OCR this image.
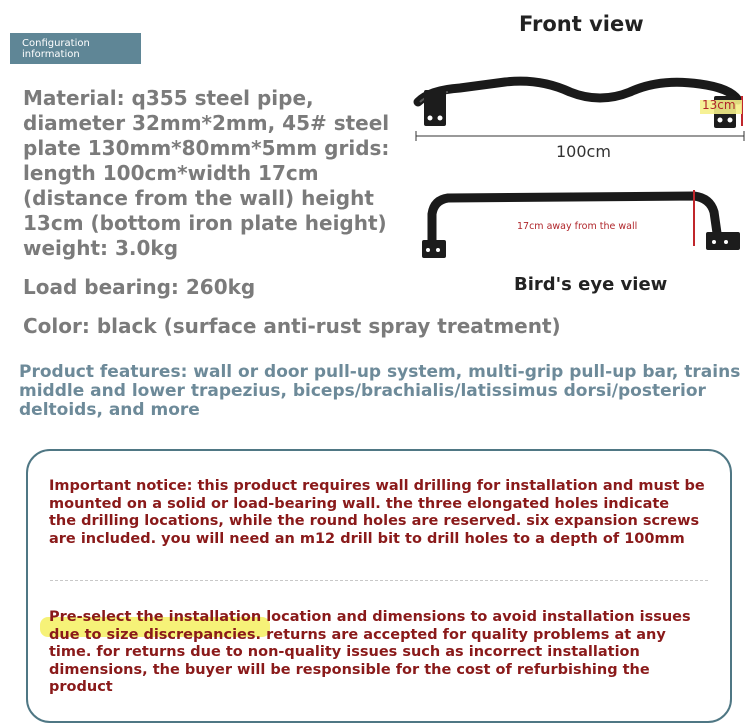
Configuration
information
Material: q355 steel pipe,
diameter 32mm*2mm, 45# steel
plate 130mm*80mm*5mm grids:
length 100cm*width 17cm
(distance from the wall) height
13cm (bottom iron plate height)
weight: 3.0kg
Load bearing: 260kg
Color: black (surface anti-rust spray treatment)
Product features: wall or door pull-up system, multi-grip pull-up bar, trains
middle and lower trapezius, biceps/brachialis/latissimus dorsi/posterior
deltoids, and more
Front view
13cm
100cm
17cm away from the wall
Bird's eye view
Important notice: this product requires wall drilling for installation and must be
mounted on a solid or load-bearing wall. the three elongated holes indicate
the drilling locations, while the round holes are reserved. six expansion screws
are included. you will need an m12 drill bit to drill holes to a depth of 100mm
Pre-select the installation location and dimensions to avoid installation issues
due to size discrepancies. returns are accepted for quality problems at any
time. for returns due to non-quality issues such as incorrect installation
dimensions, the buyer will be responsible for the cost of refurbishing the
product
